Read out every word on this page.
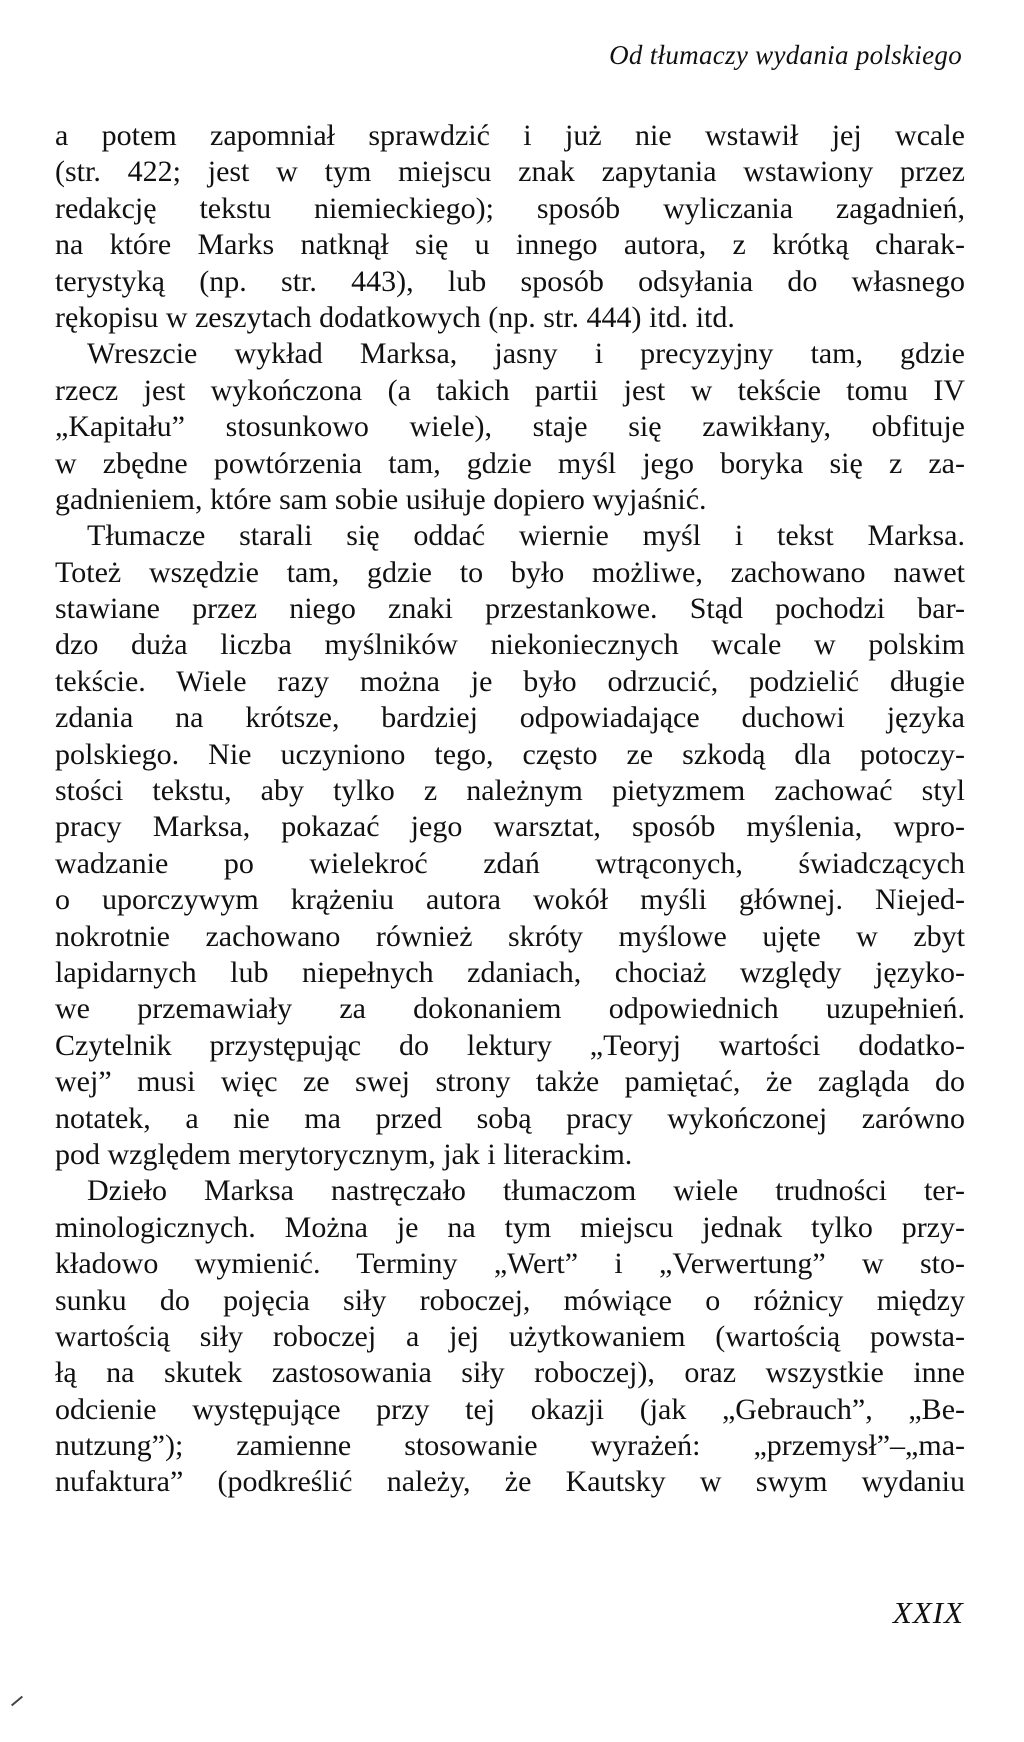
Od tłumaczy wydania polskiego
a potem zapomniał sprawdzić i już nie wstawił jej wcale
(str. 422; jest w tym miejscu znak zapytania wstawiony przez
redakcję tekstu niemieckiego); sposób wyliczania zagadnień,
na które Marks natknął się u innego autora, z krótką charak-
terystyką (np. str. 443), lub sposób odsyłania do własnego
rękopisu w zeszytach dodatkowych (np. str. 444) itd. itd.
Wreszcie wykład Marksa, jasny i precyzyjny tam, gdzie
rzecz jest wykończona (a takich partii jest w tekście tomu IV
„Kapitału” stosunkowo wiele), staje się zawikłany, obfituje
w zbędne powtórzenia tam, gdzie myśl jego boryka się z za-
gadnieniem, które sam sobie usiłuje dopiero wyjaśnić.
Tłumacze starali się oddać wiernie myśl i tekst Marksa.
Toteż wszędzie tam, gdzie to było możliwe, zachowano nawet
stawiane przez niego znaki przestankowe. Stąd pochodzi bar-
dzo duża liczba myślników niekoniecznych wcale w polskim
tekście. Wiele razy można je było odrzucić, podzielić długie
zdania na krótsze, bardziej odpowiadające duchowi języka
polskiego. Nie uczyniono tego, często ze szkodą dla potoczy-
stości tekstu, aby tylko z należnym pietyzmem zachować styl
pracy Marksa, pokazać jego warsztat, sposób myślenia, wpro-
wadzanie po wielekroć zdań wtrąconych, świadczących
o uporczywym krążeniu autora wokół myśli głównej. Niejed-
nokrotnie zachowano również skróty myślowe ujęte w zbyt
lapidarnych lub niepełnych zdaniach, chociaż względy języko-
we przemawiały za dokonaniem odpowiednich uzupełnień.
Czytelnik przystępując do lektury „Teoryj wartości dodatko-
wej” musi więc ze swej strony także pamiętać, że zagląda do
notatek, a nie ma przed sobą pracy wykończonej zarówno
pod względem merytorycznym, jak i literackim.
Dzieło Marksa nastręczało tłumaczom wiele trudności ter-
minologicznych. Można je na tym miejscu jednak tylko przy-
kładowo wymienić. Terminy „Wert” i „Verwertung” w sto-
sunku do pojęcia siły roboczej, mówiące o różnicy między
wartością siły roboczej a jej użytkowaniem (wartością powsta-
łą na skutek zastosowania siły roboczej), oraz wszystkie inne
odcienie występujące przy tej okazji (jak „Gebrauch”, „Be-
nutzung”); zamienne stosowanie wyrażeń: „przemysł”–„ma-
nufaktura” (podkreślić należy, że Kautsky w swym wydaniu
XXIX
